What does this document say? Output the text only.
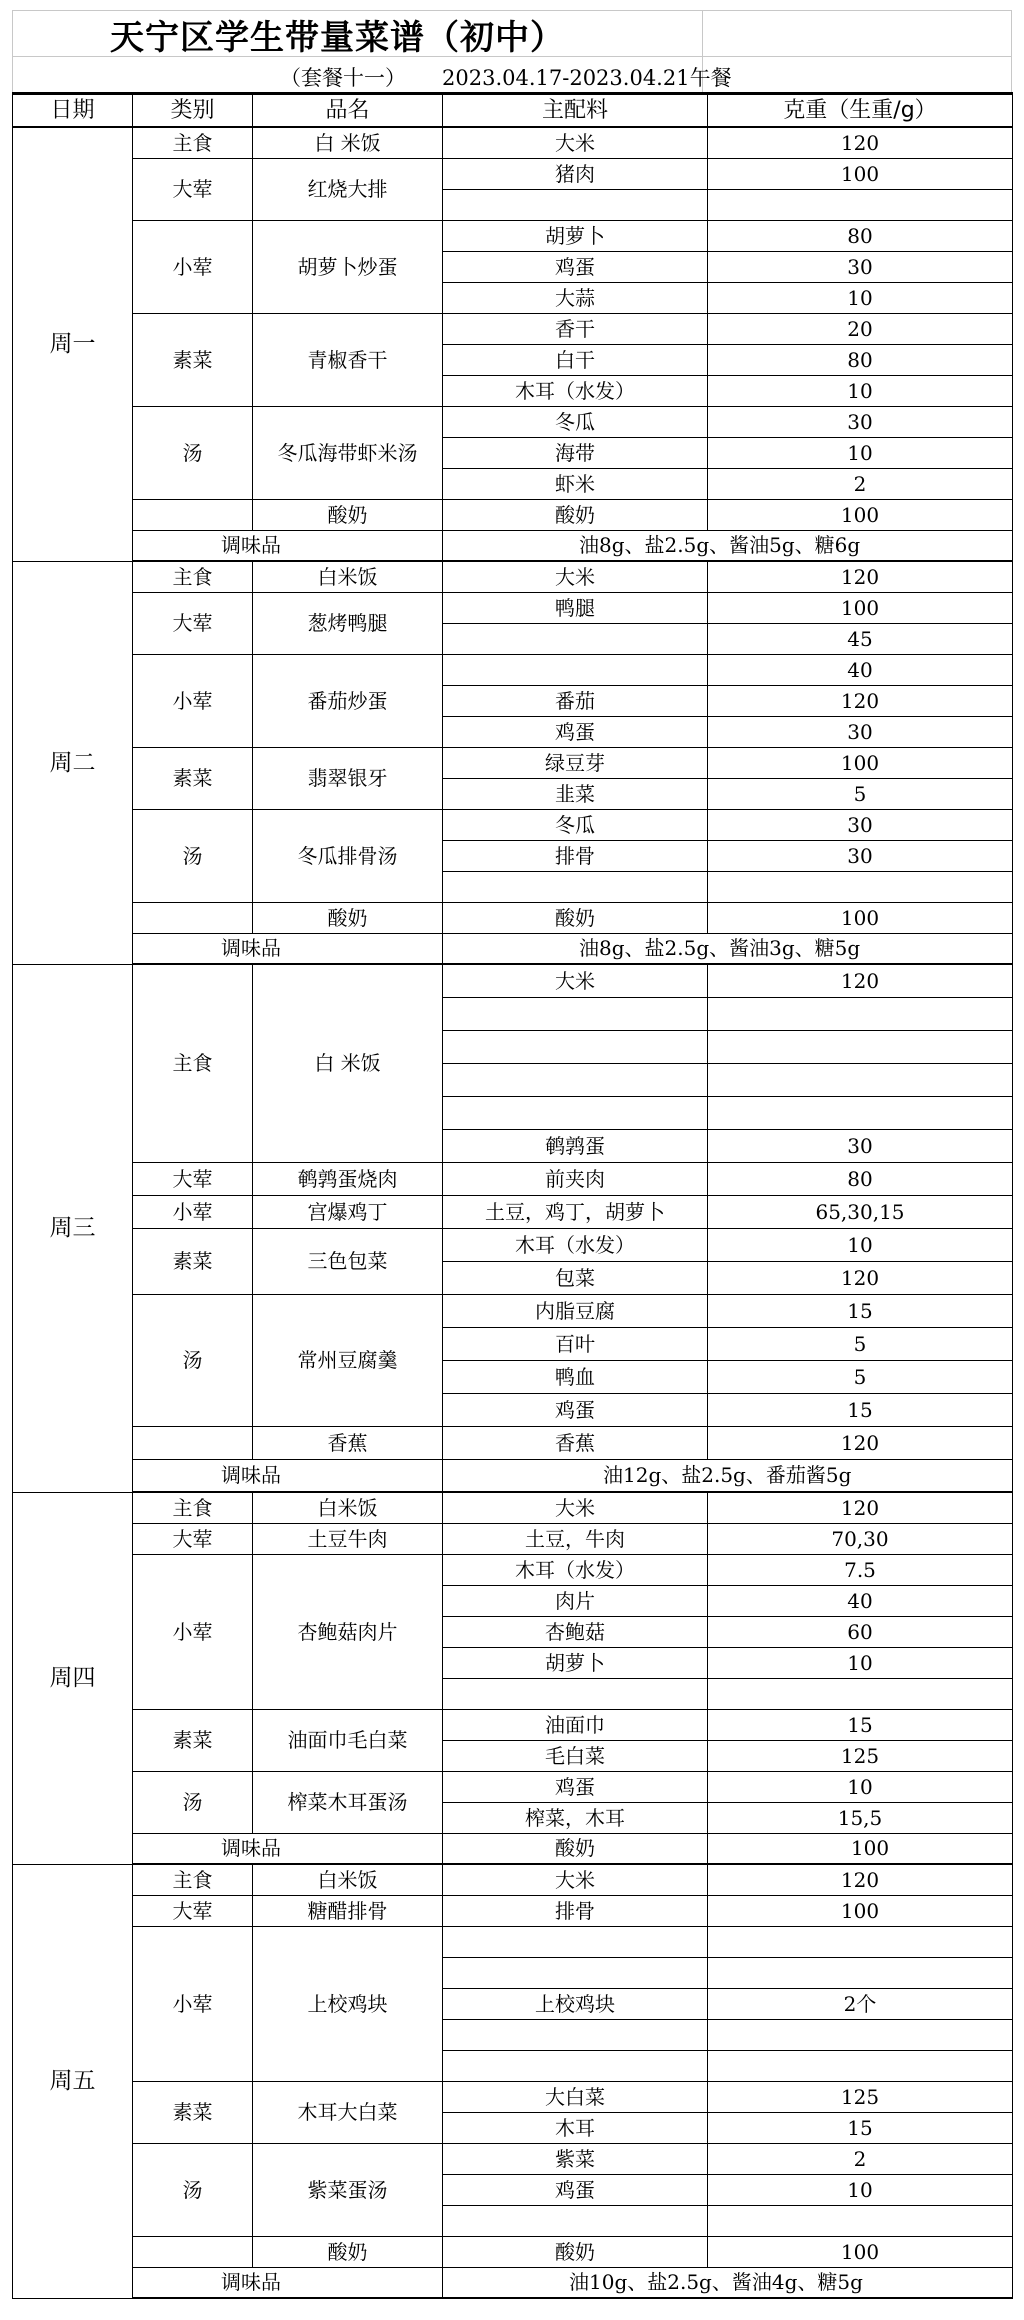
天宁区学生带量菜谱（初中）
（套餐十一） 2023.04.17-2023.04.21午餐
日期	类别	品名	主配料	克重（生重/g）
周一	主食	白 米饭	大米	120
	大荤	红烧大排	猪肉	100

	小荤	胡萝卜炒蛋	胡萝卜	80
			鸡蛋	30
			大蒜	10
	素菜	青椒香干	香干	20
			白干	80
			木耳（水发）	10
	汤	冬瓜海带虾米汤	冬瓜	30
			海带	10
			虾米	2
		酸奶	酸奶	100
	调味品		油8g、盐2.5g、酱油5g、糖6g	
周二	主食	白米饭	大米	120
	大荤	葱烤鸭腿	鸭腿	100
				45
	小荤	番茄炒蛋		40
			番茄	120
			鸡蛋	30
	素菜	翡翠银牙	绿豆芽	100
			韭菜	5
	汤	冬瓜排骨汤	冬瓜	30
			排骨	30

		酸奶	酸奶	100
	调味品		油8g、盐2.5g、酱油3g、糖5g	
周三	主食	白 米饭	大米	120

			鹌鹑蛋	30
	大荤	鹌鹑蛋烧肉	前夹肉	80
	小荤	宫爆鸡丁	土豆，鸡丁，胡萝卜	65,30,15
	素菜	三色包菜	木耳（水发）	10
			包菜	120
	汤	常州豆腐羹	内脂豆腐	15
			百叶	5
			鸭血	5
			鸡蛋	15
		香蕉	香蕉	120
	调味品		油12g、盐2.5g、番茄酱5g	
周四	主食	白米饭	大米	120
	大荤	土豆牛肉	土豆，牛肉	70,30
	小荤	杏鲍菇肉片	木耳（水发）	7.5
			肉片	40
			杏鲍菇	60
			胡萝卜	10

	素菜	油面巾毛白菜	油面巾	15
			毛白菜	125
	汤	榨菜木耳蛋汤	鸡蛋	10
			榨菜，木耳	15,5
	调味品		酸奶	100
周五	主食	白米饭	大米	120
	大荤	糖醋排骨	排骨	100
	小荤	上校鸡块		

			上校鸡块	2个

	素菜	木耳大白菜	大白菜	125
			木耳	15
	汤	紫菜蛋汤	紫菜	2
			鸡蛋	10

		酸奶	酸奶	100
	调味品		油10g、盐2.5g、酱油4g、糖5g	
